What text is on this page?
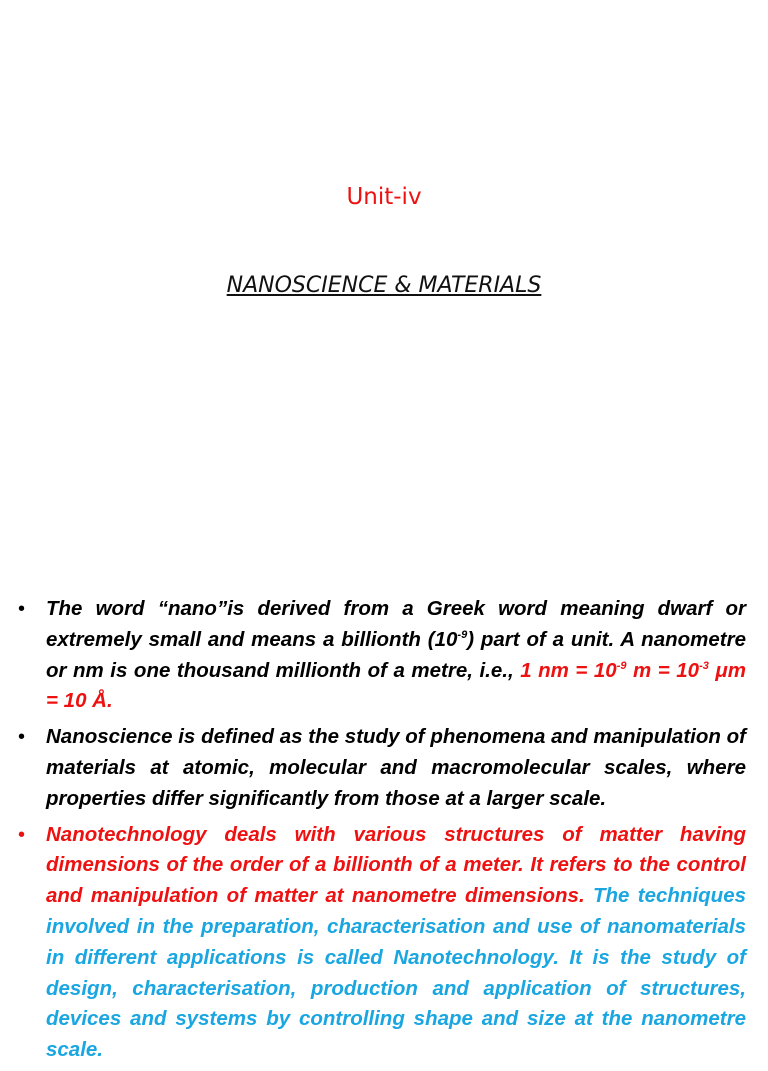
Unit-iv
NANOSCIENCE & MATERIALS
• The word “nano”is derived from a Greek word meaning dwarf or extremely small and means a billionth $(10^{-9})$ part of a unit. A nanometre or nm is one thousand millionth of a metre, i.e., 1 nm = $10^{-9}$ $m = 10^{-3}$ μm = 10 Å.
• Nanoscience is defined as the study of phenomena and manipulation of materials at atomic, molecular and macromolecular scales, where properties differ significantly from those at a larger scale.
• Nanotechnology deals with various structures of matter having dimensions of the order of a billionth of a meter. It refers to the control and manipulation of matter at nanometre dimensions. The techniques involved in the preparation, characterisation and use of nanomaterials in different applications is called Nanotechnology. It is the study of design, characterisation, production and application of structures, devices and systems by controlling shape and size at the nanometre scale.
